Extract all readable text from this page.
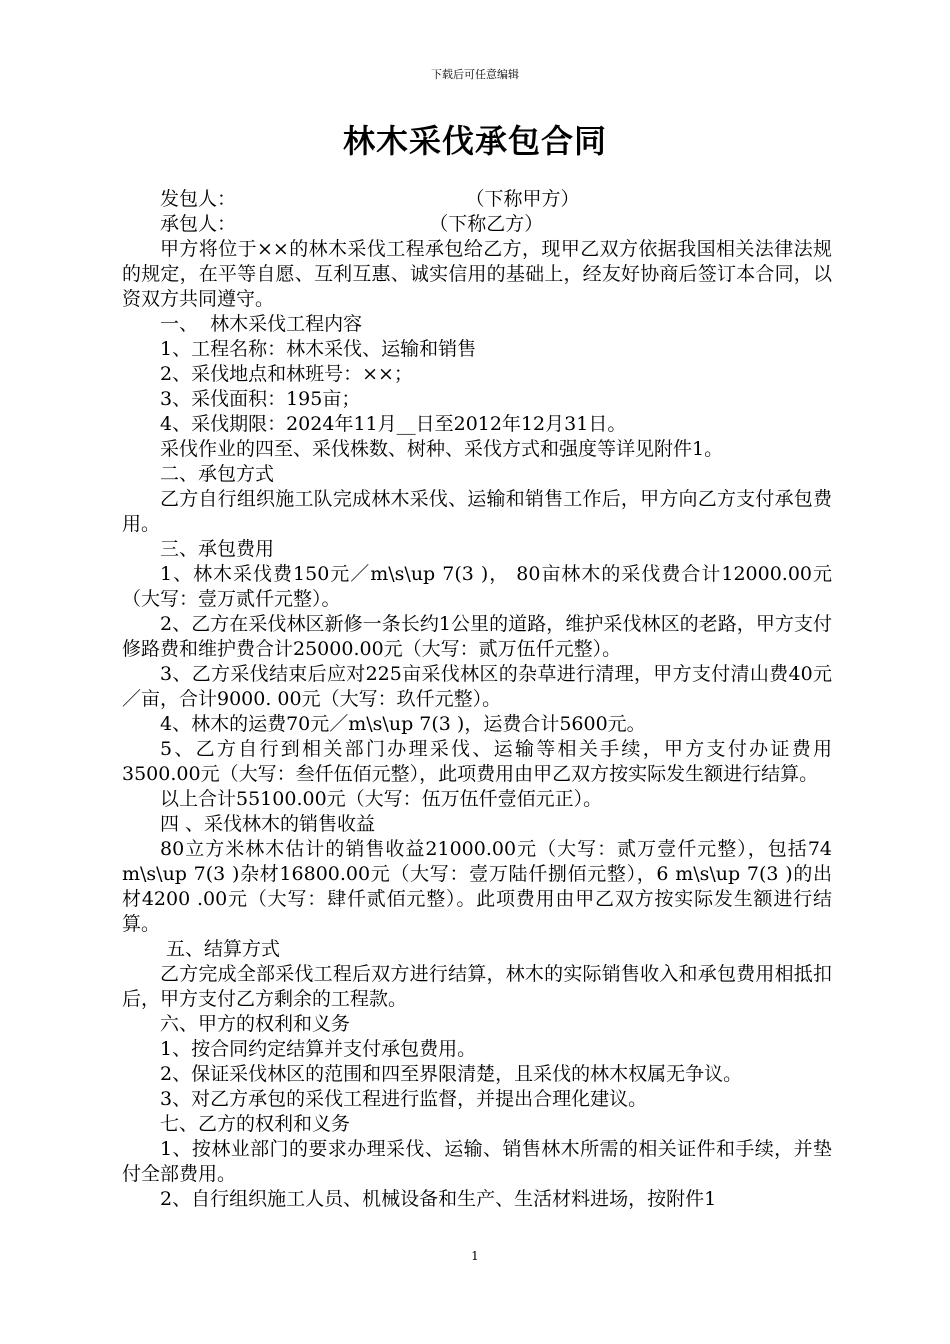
下载后可任意编辑
林木采伐承包合同

发包人：                                      （下称甲方）

承包人：                                （下称乙方）

甲方将位于××的林木采伐工程承包给乙方，现甲乙双方依据我国相关法律法规的规定，在平等自愿、互利互惠、诚实信用的基础上，经友好协商后签订本合同，以资双方共同遵守。

一、  林木采伐工程内容

1、工程名称：林木采伐、运输和销售

2、采伐地点和林班号：××；

3、采伐面积：195亩；

4、采伐期限：2024年11月__日至2012年12月31日。

采伐作业的四至、采伐株数、树种、采伐方式和强度等详见附件1。

二、承包方式

乙方自行组织施工队完成林木采伐、运输和销售工作后，甲方向乙方支付承包费用。

三、承包费用

1、林木采伐费150元／m\s\up 7(3 )， 80亩林木的采伐费合计12000.00元（大写：壹万贰仟元整）。

2、乙方在采伐林区新修一条长约1公里的道路，维护采伐林区的老路，甲方支付修路费和维护费合计25000.00元（大写：贰万伍仟元整）。

3、乙方采伐结束后应对225亩采伐林区的杂草进行清理，甲方支付清山费40元／亩，合计9000. 00元（大写：玖仟元整）。

4、林木的运费70元／m\s\up 7(3 )，运费合计5600元。

5、乙方自行到相关部门办理采伐、运输等相关手续，甲方支付办证费用3500.00元（大写：叁仟伍佰元整），此项费用由甲乙双方按实际发生额进行结算。

以上合计55100.00元（大写：伍万伍仟壹佰元正）。

四 、采伐林木的销售收益

80立方米林木估计的销售收益21000.00元（大写：贰万壹仟元整），包括74 m\s\up 7(3 )杂材16800.00元（大写：壹万陆仟捌佰元整），6 m\s\up 7(3 )的出材4200 .00元（大写：肆仟贰佰元整）。此项费用由甲乙双方按实际发生额进行结算。

五、结算方式

乙方完成全部采伐工程后双方进行结算，林木的实际销售收入和承包费用相抵扣后，甲方支付乙方剩余的工程款。

六、甲方的权利和义务

1、按合同约定结算并支付承包费用。

2、保证采伐林区的范围和四至界限清楚，且采伐的林木权属无争议。

3、对乙方承包的采伐工程进行监督，并提出合理化建议。

七、乙方的权利和义务

1、按林业部门的要求办理采伐、运输、销售林木所需的相关证件和手续，并垫付全部费用。

2、自行组织施工人员、机械设备和生产、生活材料进场，按附件1

1
